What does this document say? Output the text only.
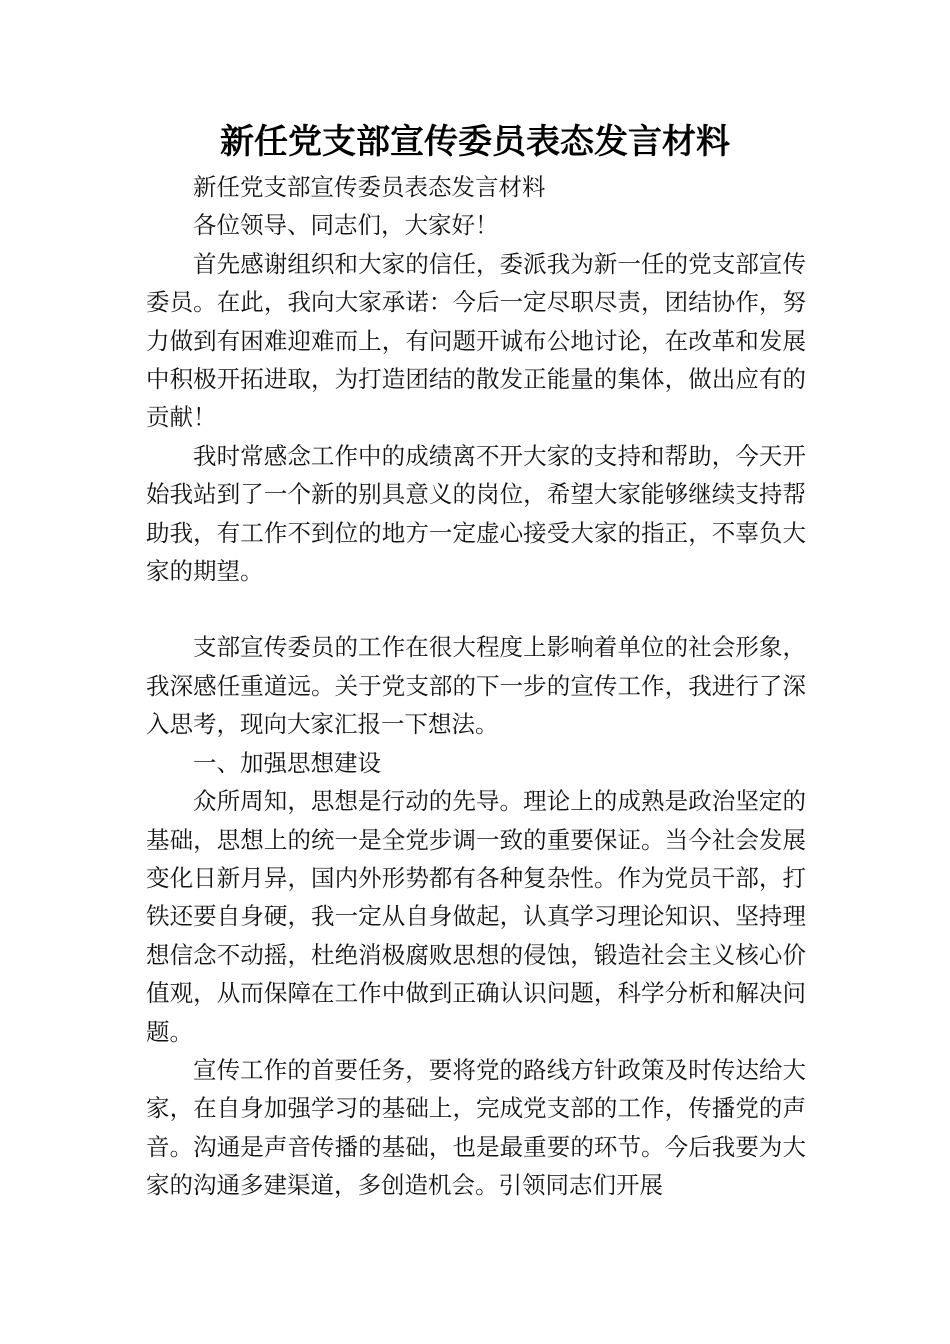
新任党支部宣传委员表态发言材料

新任党支部宣传委员表态发言材料

各位领导、同志们，大家好！

首先感谢组织和大家的信任，委派我为新一任的党支部宣传委员。在此，我向大家承诺：今后一定尽职尽责，团结协作，努力做到有困难迎难而上，有问题开诚布公地讨论，在改革和发展中积极开拓进取，为打造团结的散发正能量的集体，做出应有的贡献！

我时常感念工作中的成绩离不开大家的支持和帮助，今天开始我站到了一个新的别具意义的岗位，希望大家能够继续支持帮助我，有工作不到位的地方一定虚心接受大家的指正，不辜负大家的期望。

支部宣传委员的工作在很大程度上影响着单位的社会形象，我深感任重道远。关于党支部的下一步的宣传工作，我进行了深入思考，现向大家汇报一下想法。

一、加强思想建设

众所周知，思想是行动的先导。理论上的成熟是政治坚定的基础，思想上的统一是全党步调一致的重要保证。当今社会发展变化日新月异，国内外形势都有各种复杂性。作为党员干部，打铁还要自身硬，我一定从自身做起，认真学习理论知识、坚持理想信念不动摇，杜绝消极腐败思想的侵蚀，锻造社会主义核心价值观，从而保障在工作中做到正确认识问题，科学分析和解决问题。

宣传工作的首要任务，要将党的路线方针政策及时传达给大家，在自身加强学习的基础上，完成党支部的工作，传播党的声音。沟通是声音传播的基础，也是最重要的环节。今后我要为大家的沟通多建渠道，多创造机会。引领同志们开展
